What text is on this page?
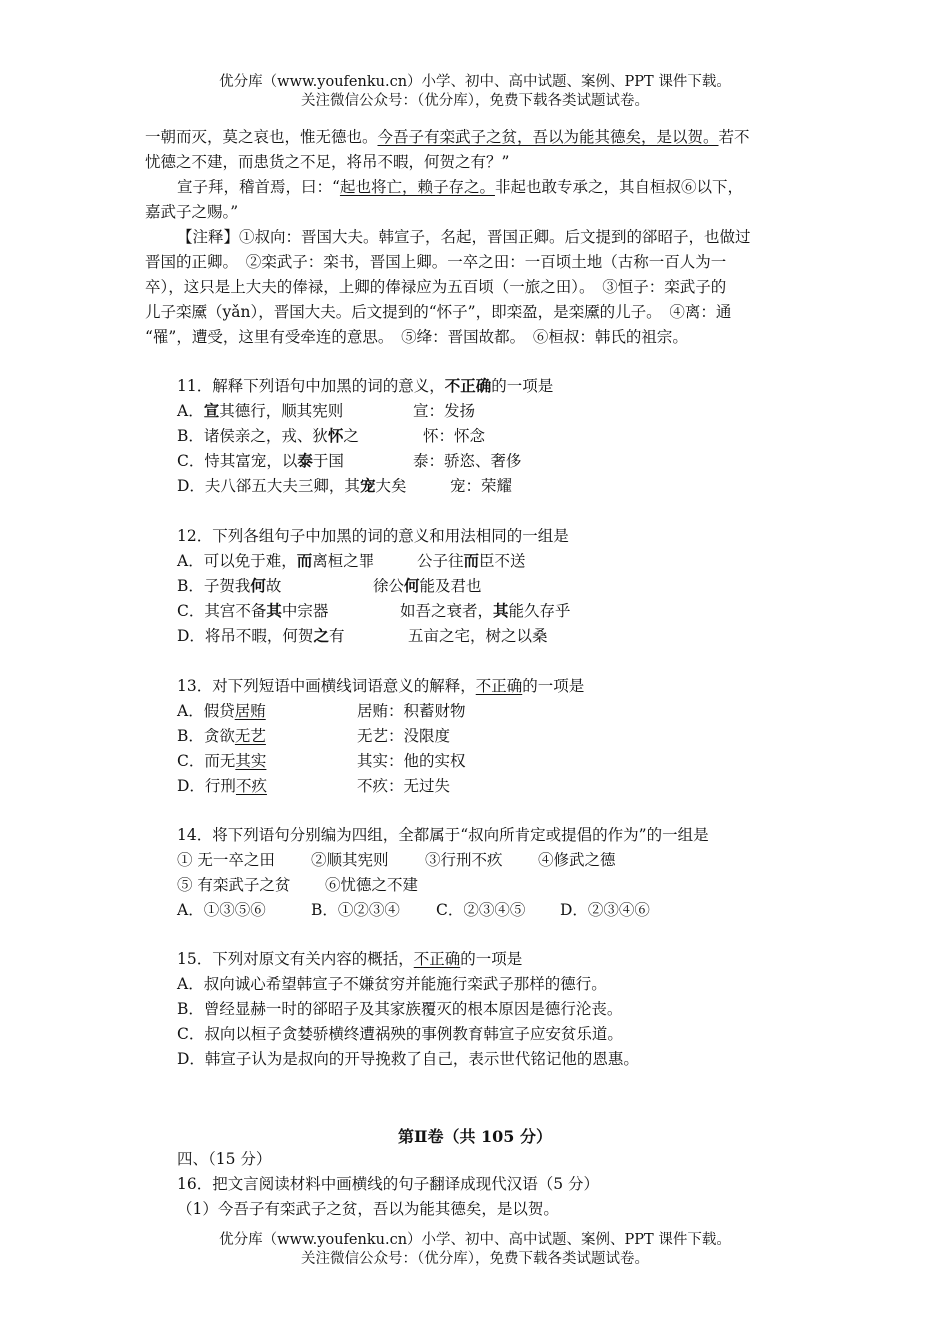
优分库（www.youfenku.cn）小学、初中、高中试题、案例、PPT 课件下载。
关注微信公众号：（优分库），免费下载各类试题试卷。
一朝而灭，莫之哀也，惟无德也。今吾子有栾武子之贫，吾以为能其德矣，是以贺。若不
忧德之不建，而患货之不足，将吊不暇，何贺之有？”
宣子拜，稽首焉，曰：“起也将亡，赖子存之。非起也敢专承之，其自桓叔⑥以下，
嘉武子之赐。”
【注释】①叔向：晋国大夫。韩宣子，名起，晋国正卿。后文提到的郤昭子，也做过
晋国的正卿。　②栾武子：栾书，晋国上卿。一卒之田：一百顷土地（古称一百人为一
卒），这只是上大夫的俸禄，上卿的俸禄应为五百顷（一旅之田）。　③恒子：栾武子的
儿子栾黡（yǎn），晋国大夫。后文提到的“怀子”，即栾盈，是栾黡的儿子。　④离：通
“罹”，遭受，这里有受牵连的意思。　⑤绛：晋国故都。　⑥桓叔：韩氏的祖宗。
11．解释下列语句中加黑的词的意义，不正确的一项是
A．宣其德行，顺其宪则	宣：发扬
B．诸侯亲之，戎、狄怀之	怀：怀念
C．恃其富宠，以泰于国	泰：骄恣、奢侈
D．夫八郤五大夫三卿，其宠大矣	宠：荣耀
12．下列各组句子中加黑的词的意义和用法相同的一组是
A．可以免于难，而离桓之罪	公子往而臣不送
B．子贺我何故	徐公何能及君也
C．其宫不备其中宗器	如吾之衰者，其能久存乎
D．将吊不暇，何贺之有	五亩之宅，树之以桑
13．对下列短语中画横线词语意义的解释，不正确的一项是
A．假贷居贿	居贿：积蓄财物
B．贪欲无艺	无艺：没限度
C．而无其实	其实：他的实权
D．行刑不疚	不疚：无过失
14．将下列语句分别编为四组，全都属于“叔向所肯定或提倡的作为”的一组是
① 无一卒之田 ②顺其宪则 ③行刑不疚 ④修武之德
⑤ 有栾武子之贫 ⑥忧德之不建
A．①③⑤⑥	B．①②③④ C．②③④⑤ D．②③④⑥
15．下列对原文有关内容的概括，不正确的一项是
A．叔向诚心希望韩宣子不嫌贫穷并能施行栾武子那样的德行。
B．曾经显赫一时的郤昭子及其家族覆灭的根本原因是德行沦丧。
C．叔向以桓子贪婪骄横终遭祸殃的事例教育韩宣子应安贫乐道。
D．韩宣子认为是叔向的开导挽救了自己，表示世代铭记他的恩惠。
第Ⅱ卷（共 105 分）
四、（15 分）
16．把文言阅读材料中画横线的句子翻译成现代汉语（5 分）
（1）今吾子有栾武子之贫，吾以为能其德矣，是以贺。
优分库（www.youfenku.cn）小学、初中、高中试题、案例、PPT 课件下载。
关注微信公众号：（优分库），免费下载各类试题试卷。
